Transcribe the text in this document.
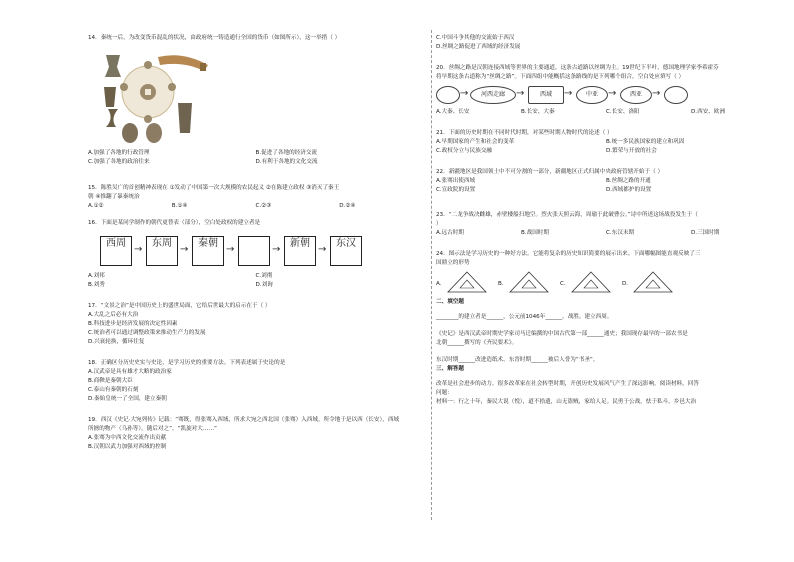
14．秦统一后，为改变货币混乱的状况，由政府统一铸造通行全国的货币（如图所示），这一举措（ ）
A.加强了各地的行政管理	B.促进了各地的经济交流
C.加强了各地的政治往来	D.有利于各地的文化交流
15．陈胜吴广的首创精神表现在 ①发动了中国第一次大规模的农民起义 ②在陈建立政权 ③消灭了秦王
朝 ④推翻了暴秦统治
A.①②	B.①④	C.②③	D.②④
16．下面是某同学制作的朝代更替表（部分），空白处政权的建立者是
西周
→
东周
→
秦朝
→	→
新朝
→
东汉
A.刘邦	C.刘彻
B.刘秀	D.刘询
17．“文景之治”是中国历史上的盛世局面，它给后世最大的启示在于（ ）
A.大乱之后必有大治
B.科技进步是经济发展的决定性因素
C.统治者可以通过调整政策来推动生产力的发展
D.兴衰轮换，循环往复
18．正确区分历史史实与史论，是学习历史的重要方法。下列表述属于史论的是
A.汉武帝是具有雄才大略的政治家
B.商鞅是秦朝大臣
C.泰山有秦朝的石刻
D.秦始皇统一了全国，建立秦朝
19．西汉《史记·大宛列传》记载：“骞既，得张骞入西域，所求大宛之西北国（张骞）入西域。所令地于是以西（长安），西域
所掳的物产（乌孙等），随后对之”。“凯旋对大……”
A.张骞为中西文化交流作出贡献
B.汉朝以武力加强对西域的控制
C.中国斗争其他的交流始于西汉
D.丝绸之路促进了西域的经济发展
20．丝绸之路是汉朝连接西域等世界的主要通道，这条古道路以丝绸为主。19世纪下半叶，德国地理学家李希霍芬
将早期这条古道称为“丝绸之路”。下面四组中能概括这条路线的是下列哪个组合，空白处应填写（ ）
→	河西走廊	→	西域	→	中亚	→	西亚	→
A.大秦、长安	B.长安、大秦	C.长安、洛阳	D.西安、欧洲
21．下面的历史时期在不同时代时期，对某些时期人物时代的论述（ ）
A.早期国家的产生和社会的变革	B.统一多民族国家的建立和巩固
C.政权分立与民族交融	D.繁荣与开放的社会
22．新疆地区是我国领土中不可分割的一部分，新疆地区正式归属中央政府管辖开始于（ ）
A.张骞出使西域	B.丝绸之路的开通
C.宣政院的设置	D.西域都护的设置
23．“二龙争战决雌雄，赤壁楼船扫地空。烈火张天照云海，周瑜于此破曹公。”诗中所述这场战役发生于（
）
A.远古时期	B.战国时期	C.东汉末期	D.三国时期
24．图示法是学习历史的一种好方法。它能将复杂的历史知识简要的展示出来。下面哪幅图能直观反映了三
国鼎立的形势
A.	B.	C.	D.
二、填空题
________的建立者是______，公元前1046年______，战胜。建立西周。
《史记》是西汉武帝时期史学家司马迁编撰的中国古代第一部______通史；我国现存最早的一部农书是
北朝______撰写的《齐民要术》。
东汉时期______改进造纸术，东晋时期______被后人誉为“书圣”。
三、解答题
改革是社会进步的动力。很多改革家在社会转型时期，开创历史发展风气产生了深远影响。阅读材料，回答
问题：
材料一：行之十年，秦民大说（悦），道不拾遗，山无盗贼，家给人足。民勇于公战，怯于私斗，乡邑大治
